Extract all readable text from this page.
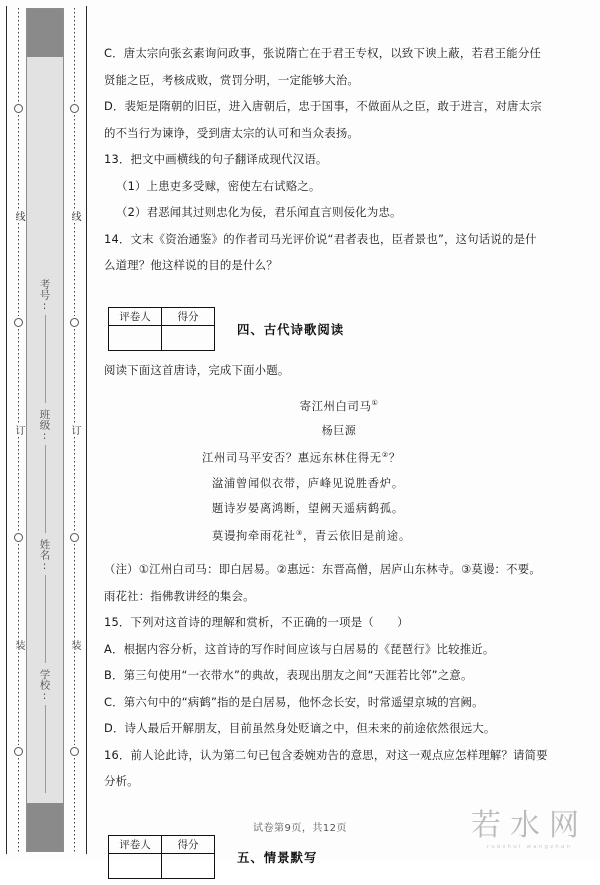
线
订
装
学校:
姓名:
班级:
考号:
线
订
装
C．唐太宗向张玄素询问政事，张说隋亡在于君王专权，以致下谀上蔽，若君王能分任
贤能之臣，考核成败，赏罚分明，一定能够大治。
D．裴矩是隋朝的旧臣，进入唐朝后，忠于国事，不做面从之臣，敢于进言，对唐太宗
的不当行为谏诤，受到唐太宗的认可和当众表扬。
13．把文中画横线的句子翻译成现代汉语。
（1）上患吏多受赇，密使左右试赂之。
（2）君恶闻其过则忠化为佞，君乐闻直言则佞化为忠。
14．文末《资治通鉴》的作者司马光评价说“君者表也，臣者景也”，这句话说的是什
么道理？他这样说的目的是什么？
评卷人	得分

四、古代诗歌阅读
阅读下面这首唐诗，完成下面小题。
寄江州白司马①
杨巨源
江州司马平安否？惠远东林住得无②？
湓浦曾闻似衣带，庐峰见说胜香炉。
题诗岁晏离鸿断，望阙天遥病鹤孤。
莫谩拘牵雨花社③，青云依旧是前途。
（注）①江州白司马：即白居易。②惠远：东晋高僧，居庐山东林寺。③莫谩：不要。
雨花社：指佛教讲经的集会。
15．下列对这首诗的理解和赏析，不正确的一项是（　　）
A．根据内容分析，这首诗的写作时间应该与白居易的《琵琶行》比较推近。
B．第三句使用“一衣带水”的典故，表现出朋友之间“天涯若比邻”之意。
C．第六句中的“病鹤”指的是白居易，他怀念长安，时常遥望京城的宫阙。
D．诗人最后开解朋友，目前虽然身处贬谪之中，但未来的前途依然很远大。
16．前人论此诗，认为第二句已包含委婉劝告的意思，对这一观点应怎样理解？请简要
分析。
评卷人	得分

五、情景默写
试卷第9页，共12页	若水网
ruoshui wangzhan
